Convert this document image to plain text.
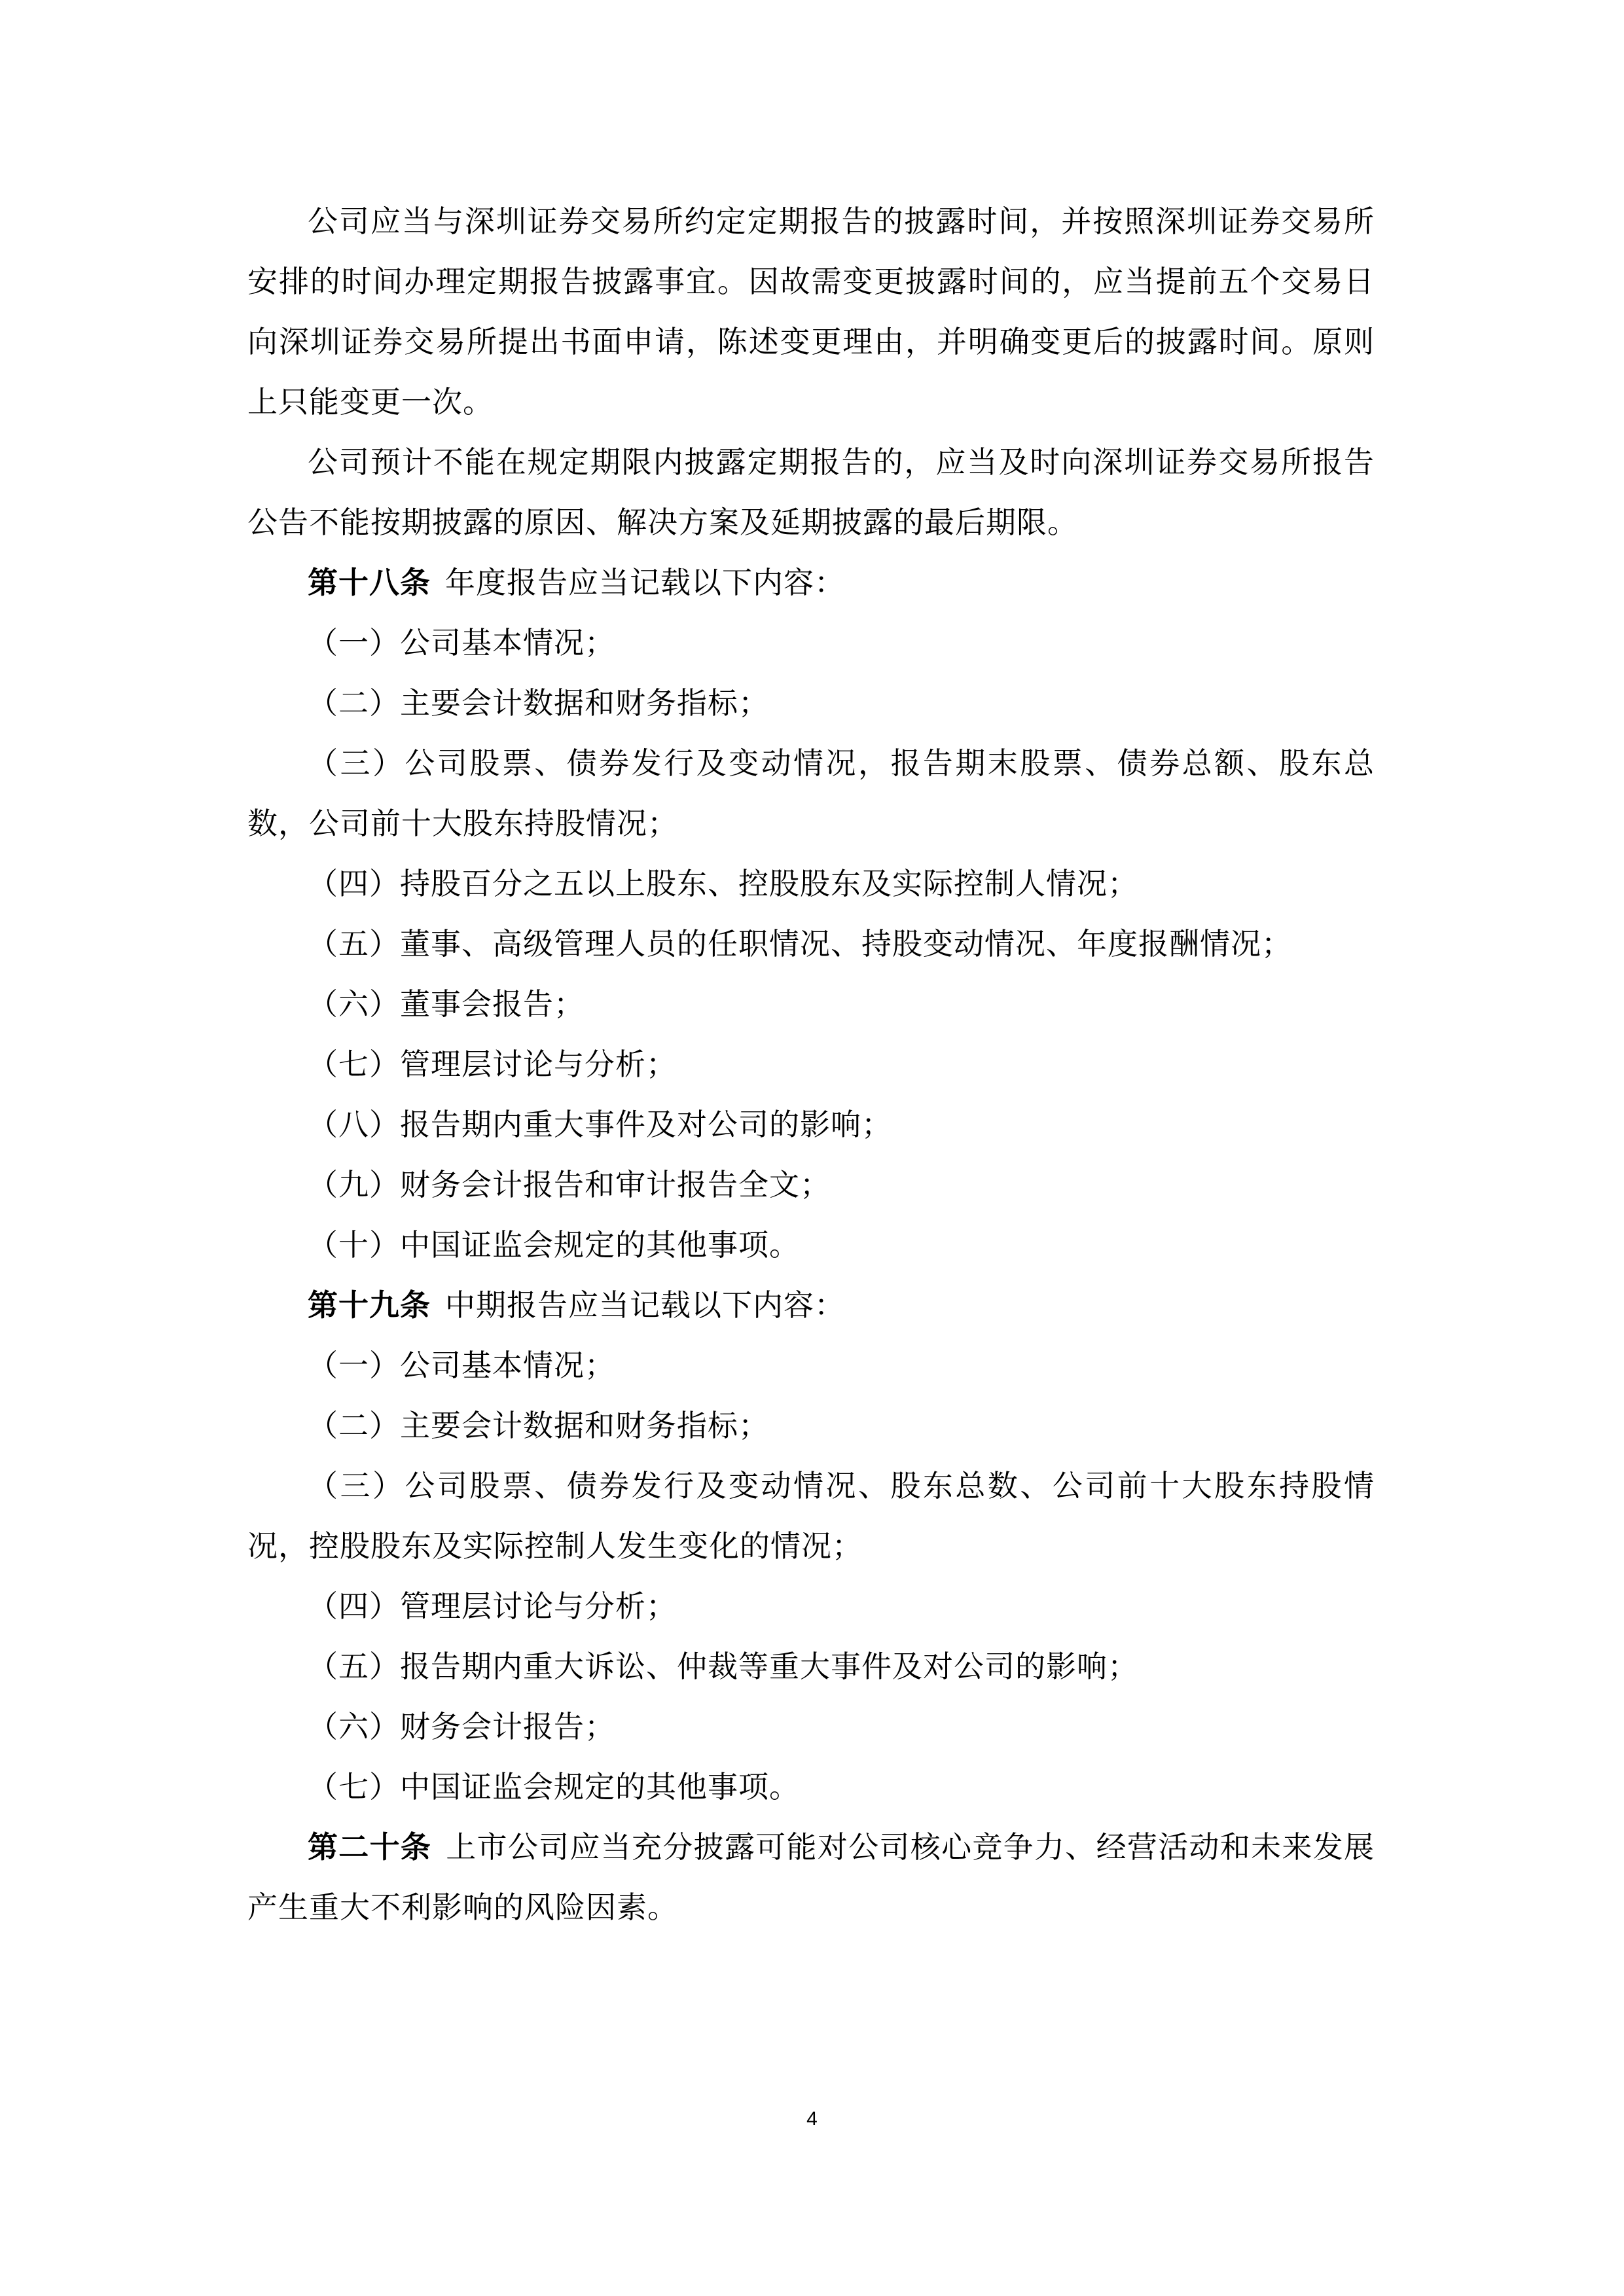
公司应当与深圳证券交易所约定定期报告的披露时间，并按照深圳证券交易所安排的时间办理定期报告披露事宜。因故需变更披露时间的，应当提前五个交易日向深圳证券交易所提出书面申请，陈述变更理由，并明确变更后的披露时间。原则上只能变更一次。

公司预计不能在规定期限内披露定期报告的，应当及时向深圳证券交易所报告公告不能按期披露的原因、解决方案及延期披露的最后期限。

第十八条 年度报告应当记载以下内容：

（一）公司基本情况；

（二）主要会计数据和财务指标；

（三）公司股票、债券发行及变动情况，报告期末股票、债券总额、股东总数，公司前十大股东持股情况；

（四）持股百分之五以上股东、控股股东及实际控制人情况；

（五）董事、高级管理人员的任职情况、持股变动情况、年度报酬情况；

（六）董事会报告；

（七）管理层讨论与分析；

（八）报告期内重大事件及对公司的影响；

（九）财务会计报告和审计报告全文；

（十）中国证监会规定的其他事项。

第十九条 中期报告应当记载以下内容：

（一）公司基本情况；

（二）主要会计数据和财务指标；

（三）公司股票、债券发行及变动情况、股东总数、公司前十大股东持股情况，控股股东及实际控制人发生变化的情况；

（四）管理层讨论与分析；

（五）报告期内重大诉讼、仲裁等重大事件及对公司的影响；

（六）财务会计报告；

（七）中国证监会规定的其他事项。

第二十条 上市公司应当充分披露可能对公司核心竞争力、经营活动和未来发展产生重大不利影响的风险因素。

4
